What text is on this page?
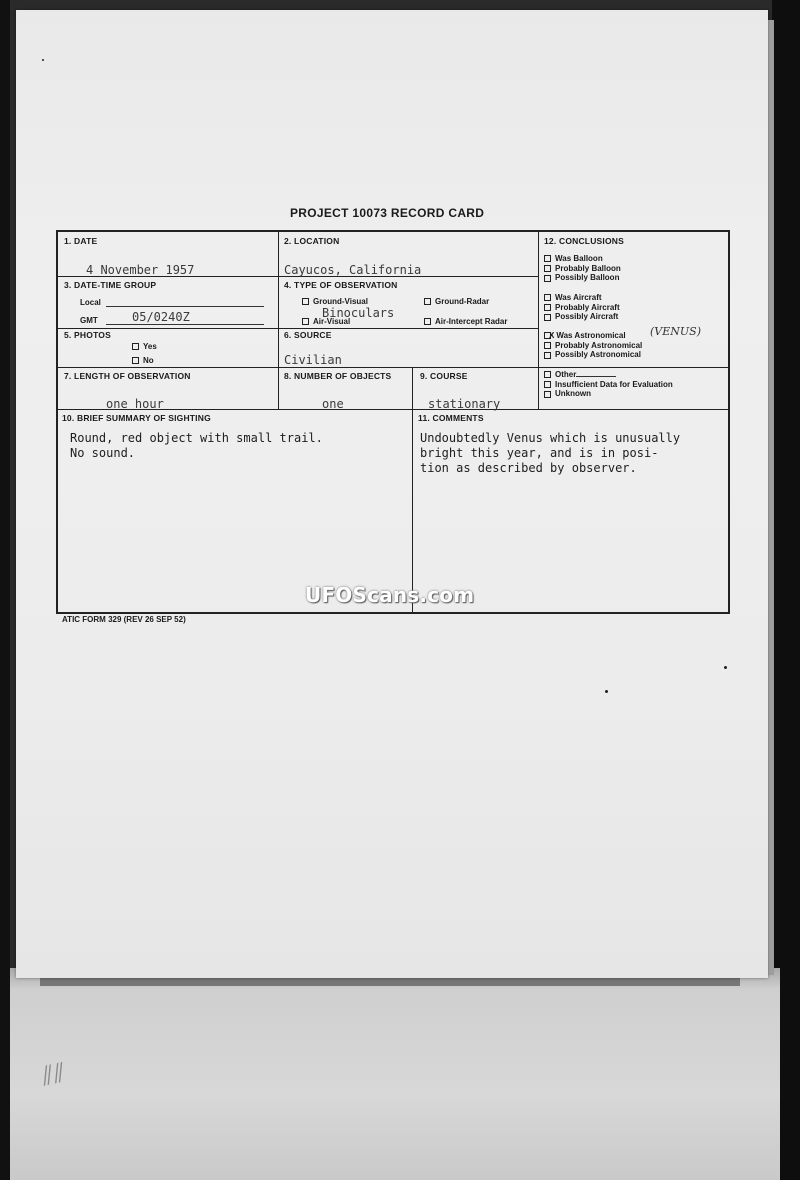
⫽⫽
PROJECT 10073 RECORD CARD
1. DATE
4 November 1957
2. LOCATION
Cayucos, California
3. DATE-TIME GROUP
Local
GMT	05/0240Z
4. TYPE OF OBSERVATION
Ground-Visual	Ground-Radar
Air-Visual	Air-Intercept Radar
Binoculars
5. PHOTOS
Yes
No
6. SOURCE
Civilian
7. LENGTH OF OBSERVATION
one hour
8. NUMBER OF OBJECTS
one
9. COURSE
stationary
12. CONCLUSIONS
Was Balloon
Probably Balloon
Possibly Balloon
Was Aircraft
Probably Aircraft
Possibly Aircraft
X Was Astronomical
Probably Astronomical
Possibly Astronomical
(VENUS)
Other
Insufficient Data for Evaluation
Unknown
10. BRIEF SUMMARY OF SIGHTING
Round, red object with small trail.
No sound.
11. COMMENTS
Undoubtedly Venus which is unusually
bright this year, and is in posi-
tion as described by observer.
UFOScans.com
ATIC FORM 329 (REV 26 SEP 52)
